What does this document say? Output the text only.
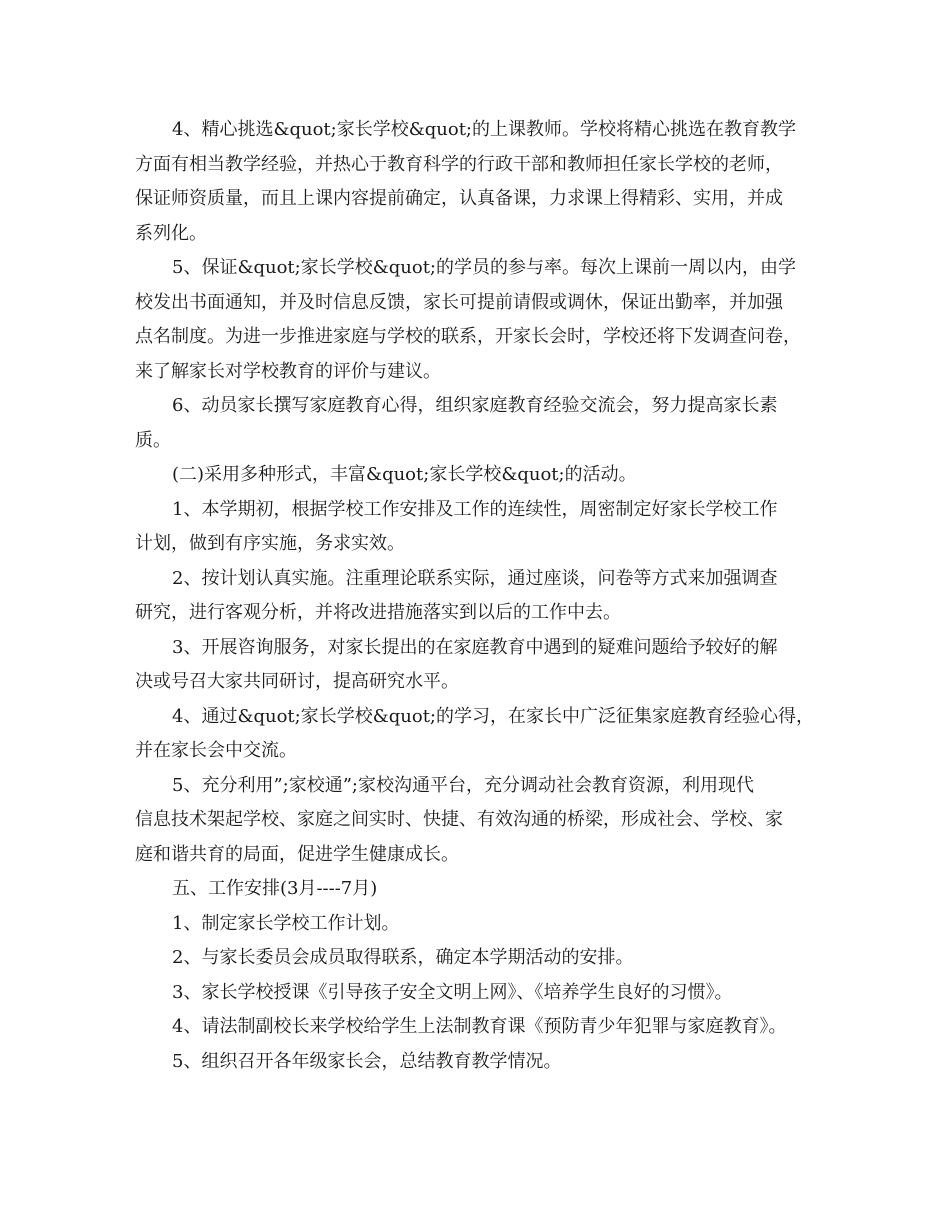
4、精心挑选&quot;家长学校&quot;的上课教师。学校将精心挑选在教育教学

方面有相当教学经验，并热心于教育科学的行政干部和教师担任家长学校的老师，

保证师资质量，而且上课内容提前确定，认真备课，力求课上得精彩、实用，并成

系列化。

5、保证&quot;家长学校&quot;的学员的参与率。每次上课前一周以内，由学

校发出书面通知，并及时信息反馈，家长可提前请假或调休，保证出勤率，并加强

点名制度。为进一步推进家庭与学校的联系，开家长会时，学校还将下发调查问卷，

来了解家长对学校教育的评价与建议。

6、动员家长撰写家庭教育心得，组织家庭教育经验交流会，努力提高家长素

质。

(二)采用多种形式，丰富&quot;家长学校&quot;的活动。

1、本学期初，根据学校工作安排及工作的连续性，周密制定好家长学校工作

计划，做到有序实施，务求实效。

2、按计划认真实施。注重理论联系实际，通过座谈，问卷等方式来加强调查

研究，进行客观分析，并将改进措施落实到以后的工作中去。

3、开展咨询服务，对家长提出的在家庭教育中遇到的疑难问题给予较好的解

决或号召大家共同研讨，提高研究水平。

4、通过&quot;家长学校&quot;的学习，在家长中广泛征集家庭教育经验心得，

并在家长会中交流。

5、充分利用”;家校通”;家校沟通平台，充分调动社会教育资源，利用现代

信息技术架起学校、家庭之间实时、快捷、有效沟通的桥梁，形成社会、学校、家

庭和谐共育的局面，促进学生健康成长。

五、工作安排(3月----7月)

1、制定家长学校工作计划。

2、与家长委员会成员取得联系，确定本学期活动的安排。

3、家长学校授课《引导孩子安全文明上网》、《培养学生良好的习惯》。

4、请法制副校长来学校给学生上法制教育课《预防青少年犯罪与家庭教育》。

5、组织召开各年级家长会，总结教育教学情况。
